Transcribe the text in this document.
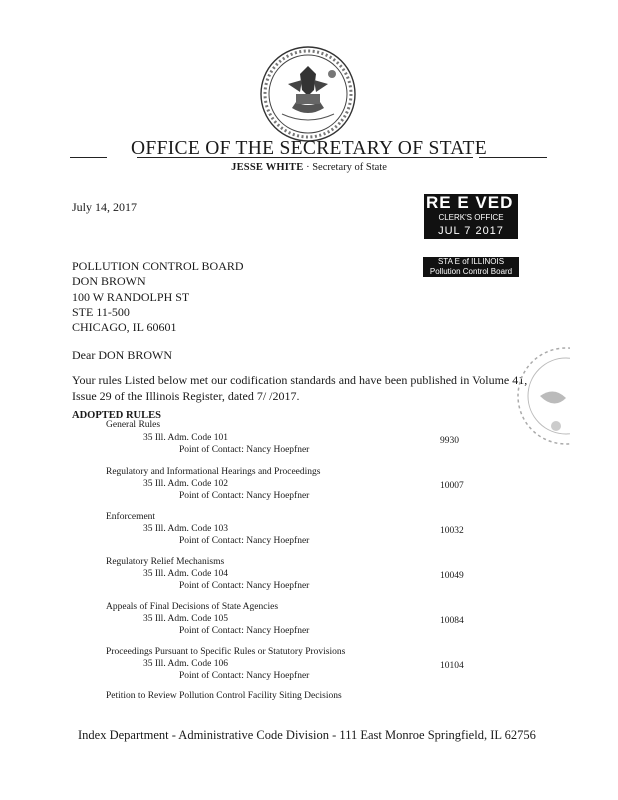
OFFICE OF THE SECRETARY OF STATE
JESSE WHITE · Secretary of State
July 14, 2017	RE E VED
CLERK'S OFFICE
JUL 7 2017
STA E of ILLINOIS
Pollution Control Board
POLLUTION CONTROL BOARD
DON BROWN
100 W RANDOLPH ST
STE 11-500
CHICAGO, IL 60601
Dear DON BROWN
Your rules Listed below met our codification standards and have been published in Volume 41, Issue 29 of the Illinois Register, dated 7/ /2017.
ADOPTED RULES
General Rules
35 Ill. Adm. Code 101	9930
Point of Contact: Nancy Hoepfner
Regulatory and Informational Hearings and Proceedings
35 Ill. Adm. Code 102	10007
Point of Contact: Nancy Hoepfner
Enforcement
35 Ill. Adm. Code 103	10032
Point of Contact: Nancy Hoepfner
Regulatory Relief Mechanisms
35 Ill. Adm. Code 104	10049
Point of Contact: Nancy Hoepfner
Appeals of Final Decisions of State Agencies
35 Ill. Adm. Code 105	10084
Point of Contact: Nancy Hoepfner
Proceedings Pursuant to Specific Rules or Statutory Provisions
35 Ill. Adm. Code 106	10104
Point of Contact: Nancy Hoepfner
Petition to Review Pollution Control Facility Siting Decisions
Index Department - Administrative Code Division - 111 East Monroe Springfield, IL 62756
